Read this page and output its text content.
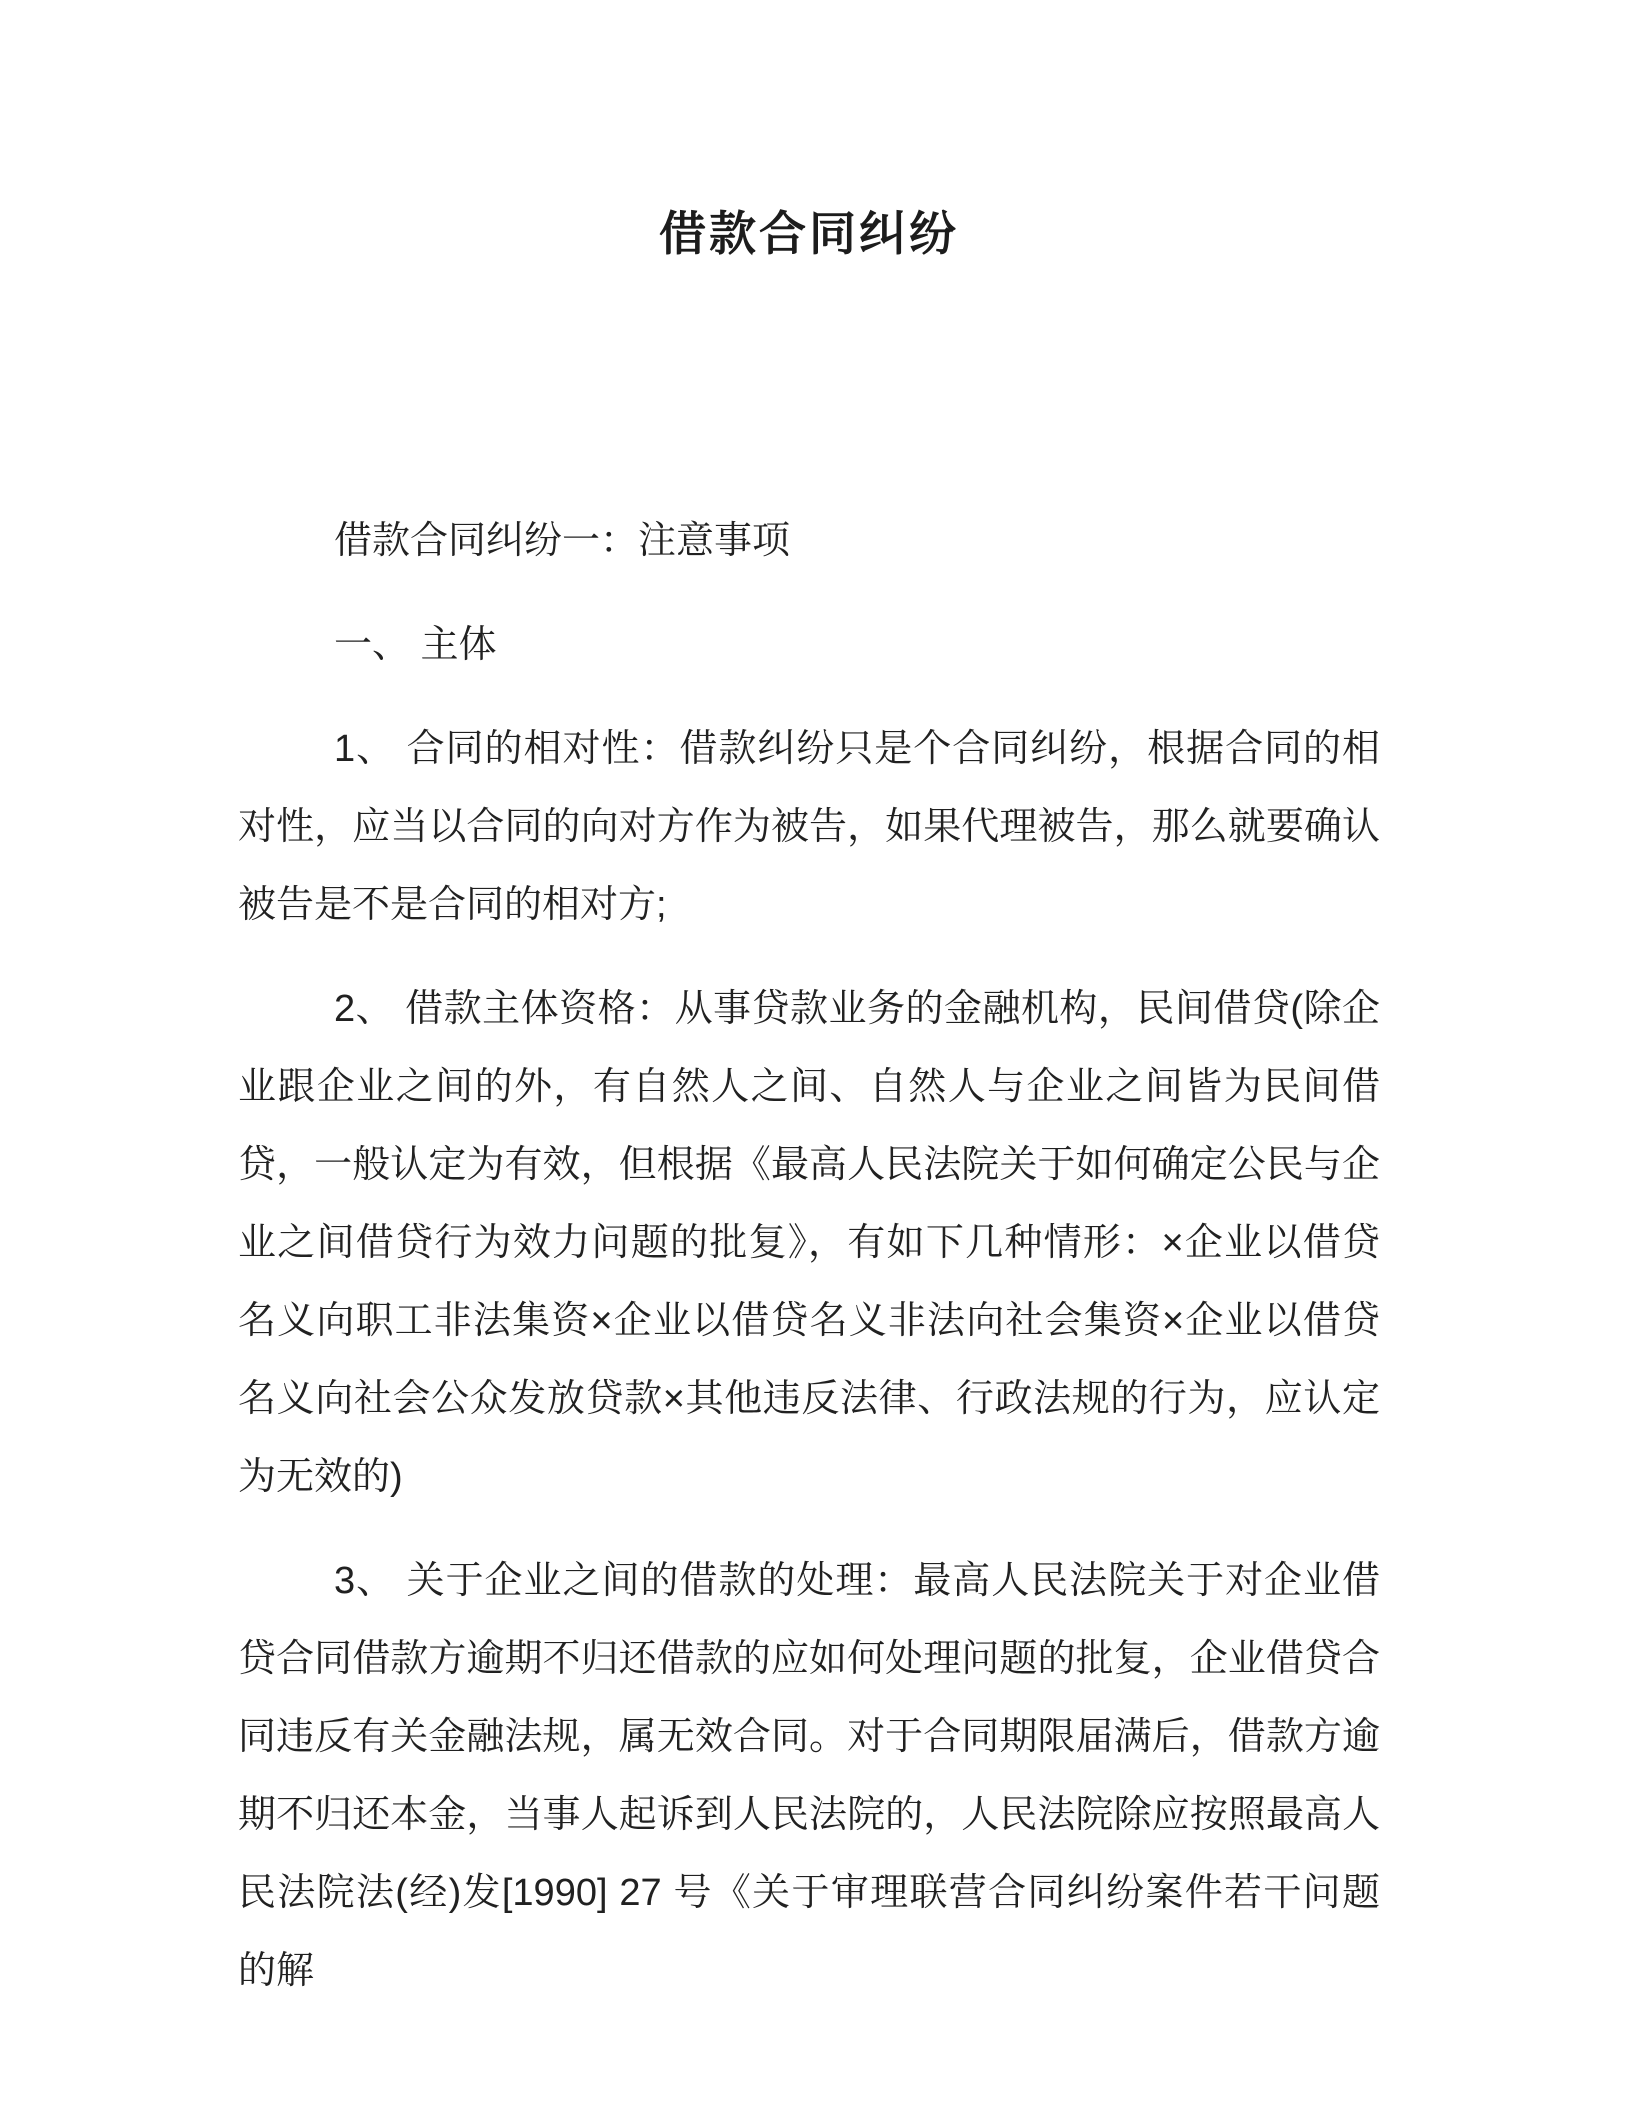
借款合同纠纷

借款合同纠纷一：注意事项

一、 主体

1、 合同的相对性：借款纠纷只是个合同纠纷，根据合同的相对性，应当以合同的向对方作为被告，如果代理被告，那么就要确认被告是不是合同的相对方;

2、 借款主体资格：从事贷款业务的金融机构，民间借贷(除企业跟企业之间的外，有自然人之间、自然人与企业之间皆为民间借贷，一般认定为有效，但根据《最高人民法院关于如何确定公民与企业之间借贷行为效力问题的批复》，有如下几种情形：×企业以借贷名义向职工非法集资×企业以借贷名义非法向社会集资×企业以借贷名义向社会公众发放贷款×其他违反法律、行政法规的行为，应认定为无效的)

3、 关于企业之间的借款的处理：最高人民法院关于对企业借贷合同借款方逾期不归还借款的应如何处理问题的批复，企业借贷合同违反有关金融法规，属无效合同。对于合同期限届满后，借款方逾期不归还本金，当事人起诉到人民法院的，人民法院除应按照最高人民法院法(经)发[1990] 27 号《关于审理联营合同纠纷案件若干问题的解
